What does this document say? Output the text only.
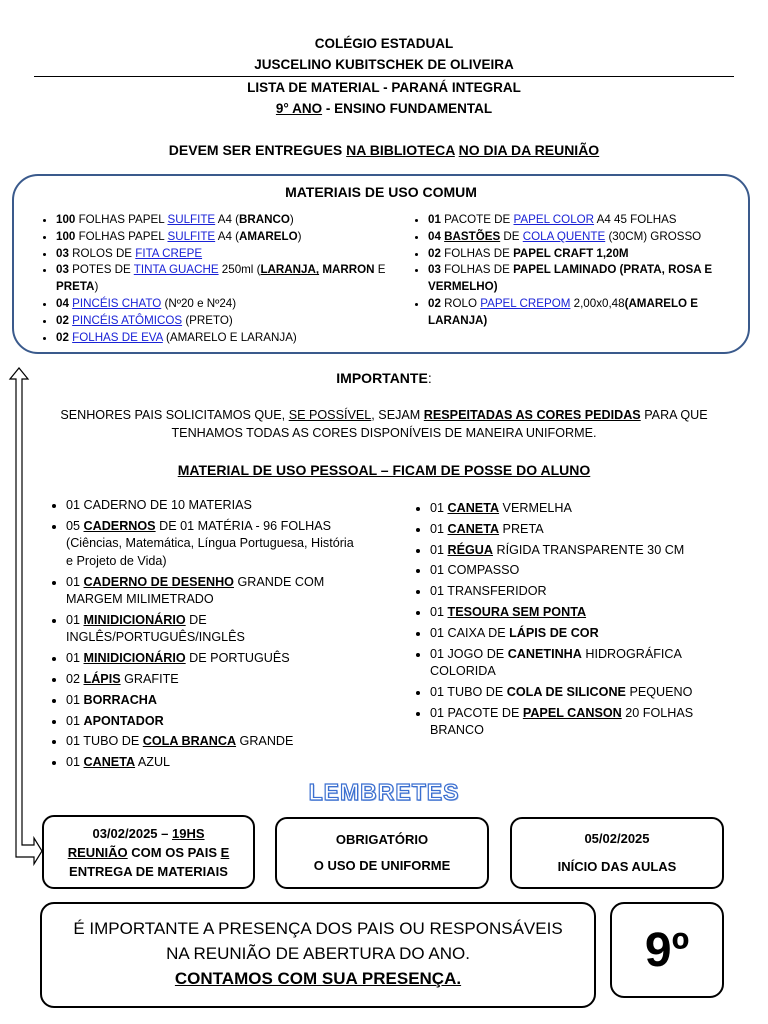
COLÉGIO ESTADUAL
JUSCELINO KUBITSCHEK DE OLIVEIRA
LISTA DE MATERIAL - PARANÁ INTEGRAL
9° ANO - ENSINO FUNDAMENTAL
DEVEM SER ENTREGUES NA BIBLIOTECA NO DIA DA REUNIÃO
MATERIAIS DE USO COMUM
• 100 FOLHAS PAPEL SULFITE A4 (BRANCO)
• 100 FOLHAS PAPEL SULFITE A4 (AMARELO)
• 03 ROLOS DE FITA CREPE
• 03 POTES DE TINTA GUACHE 250ml (LARANJA, MARRON E PRETA)
• 04 PINCÉIS CHATO (Nº20 e Nº24)
• 02 PINCÉIS ATÔMICOS (PRETO)
• 02 FOLHAS DE EVA (AMARELO E LARANJA)
• 01 PACOTE DE PAPEL COLOR A4 45 FOLHAS
• 04 BASTÕES DE COLA QUENTE (30CM) GROSSO
• 02 FOLHAS DE PAPEL CRAFT 1,20M
• 03 FOLHAS DE PAPEL LAMINADO (PRATA, ROSA E VERMELHO)
• 02 ROLO PAPEL CREPOM 2,00x0,48(AMARELO E LARANJA)
IMPORTANTE:
SENHORES PAIS SOLICITAMOS QUE, SE POSSÍVEL, SEJAM RESPEITADAS AS CORES PEDIDAS PARA QUE TENHAMOS TODAS AS CORES DISPONÍVEIS DE MANEIRA UNIFORME.
MATERIAL DE USO PESSOAL – FICAM DE POSSE DO ALUNO
• 01 CADERNO DE 10 MATERIAS
• 05 CADERNOS DE 01 MATÉRIA - 96 FOLHAS (Ciências, Matemática, Língua Portuguesa, História e Projeto de Vida)
• 01 CADERNO DE DESENHO GRANDE COM MARGEM MILIMETRADO
• 01 MINIDICIONÁRIO DE INGLÊS/PORTUGUÊS/INGLÊS
• 01 MINIDICIONÁRIO DE PORTUGUÊS
• 02 LÁPIS GRAFITE
• 01 BORRACHA
• 01 APONTADOR
• 01 TUBO DE COLA BRANCA GRANDE
• 01 CANETA AZUL
• 01 CANETA VERMELHA
• 01 CANETA PRETA
• 01 RÉGUA RÍGIDA TRANSPARENTE 30 CM
• 01 COMPASSO
• 01 TRANSFERIDOR
• 01 TESOURA SEM PONTA
• 01 CAIXA DE LÁPIS DE COR
• 01 JOGO DE CANETINHA HIDROGRÁFICA COLORIDA
• 01 TUBO DE COLA DE SILICONE PEQUENO
• 01 PACOTE DE PAPEL CANSON 20 FOLHAS BRANCO
LEMBRETES
03/02/2025 – 19HS
REUNIÃO COM OS PAIS E
ENTREGA DE MATERIAIS
OBRIGATÓRIO
O USO DE UNIFORME
05/02/2025
INÍCIO DAS AULAS
É IMPORTANTE A PRESENÇA DOS PAIS OU RESPONSÁVEIS
NA REUNIÃO DE ABERTURA DO ANO.
CONTAMOS COM SUA PRESENÇA.
9º
